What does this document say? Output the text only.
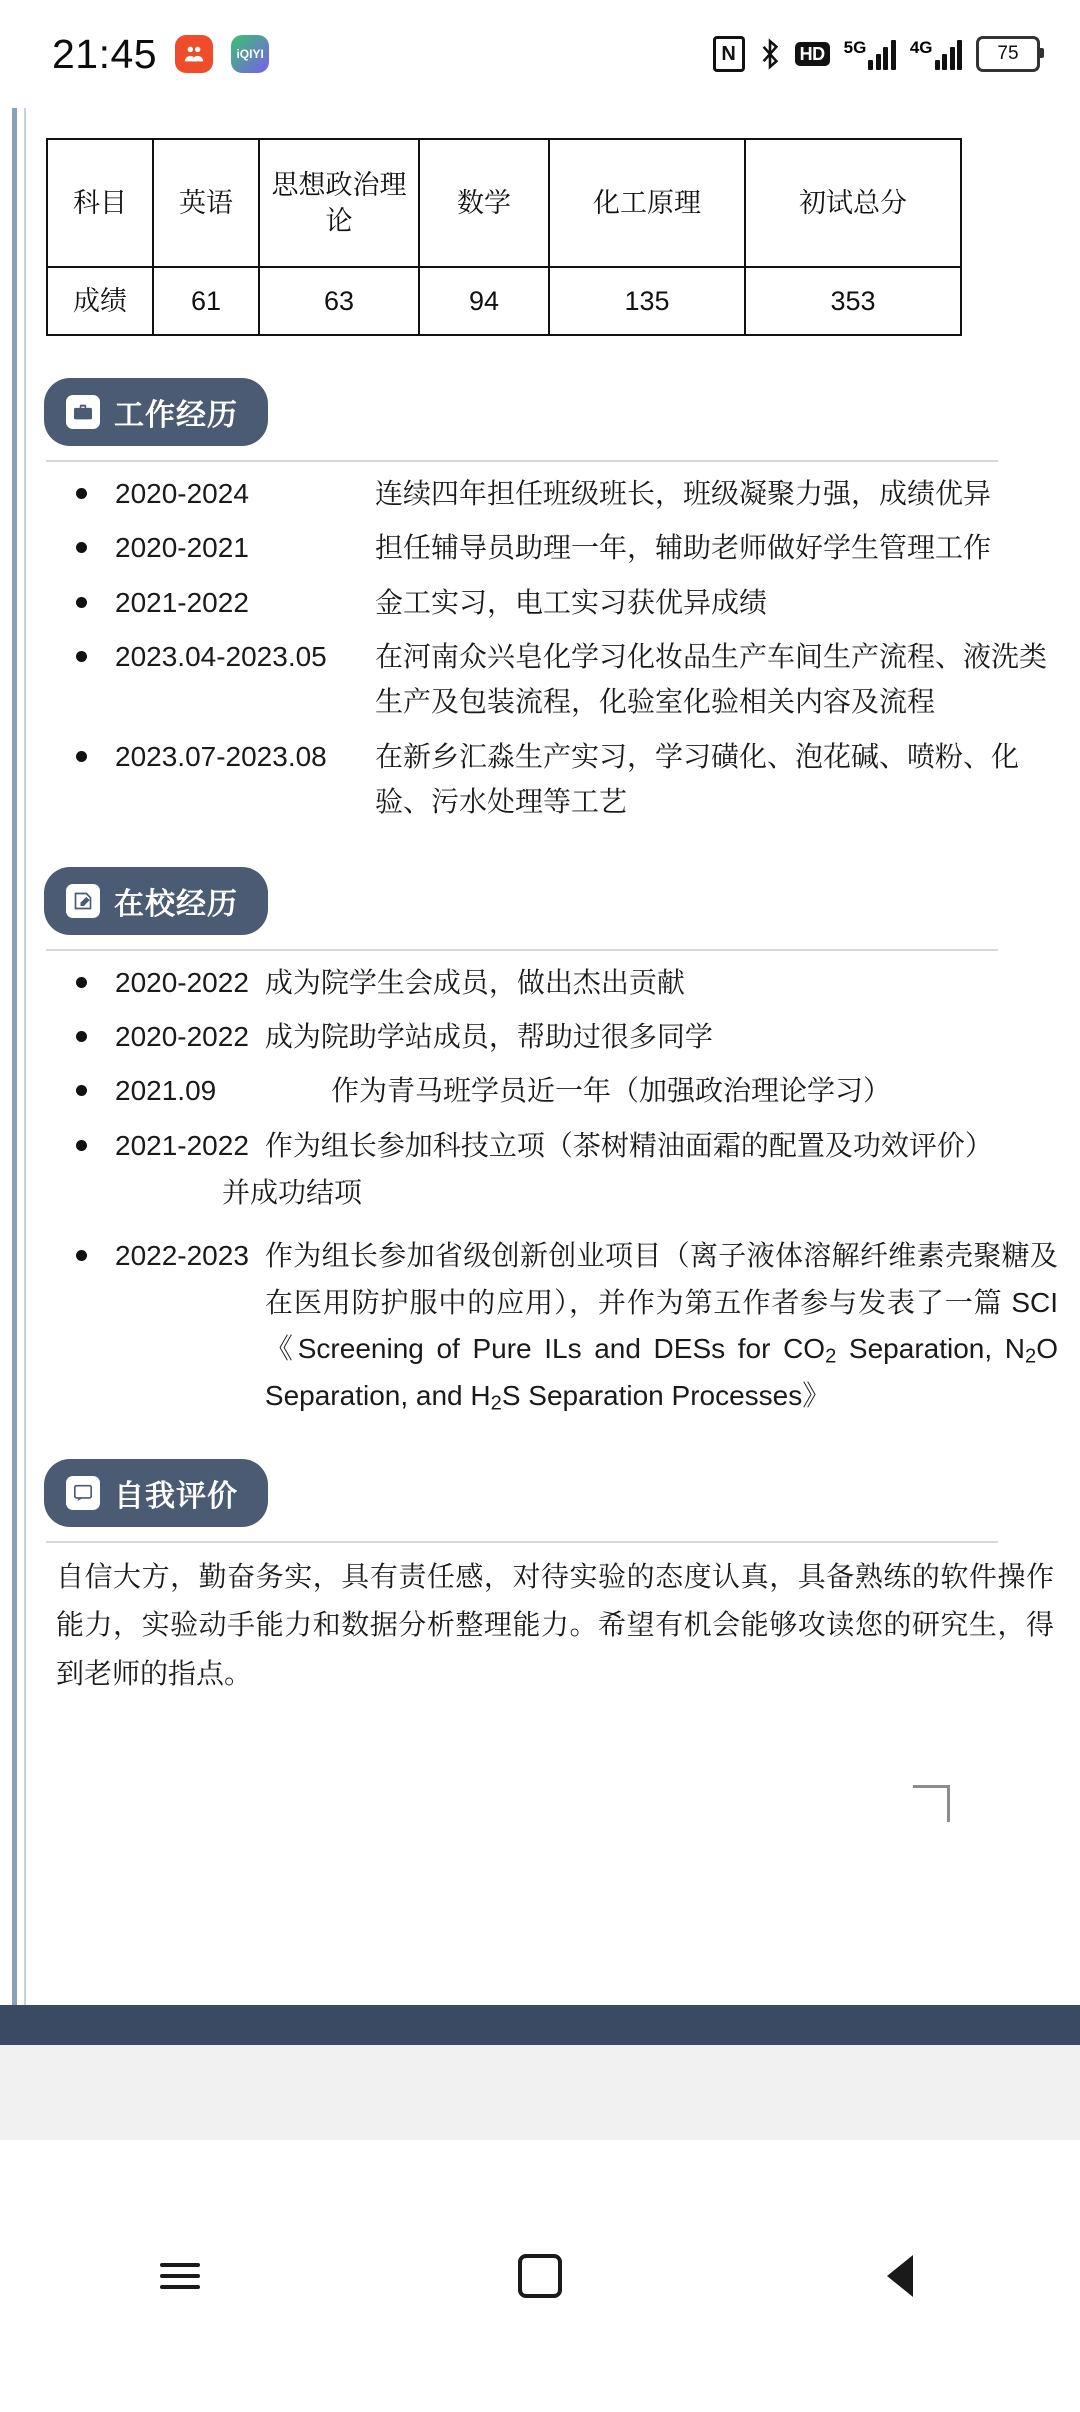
21:45	iQIYI	N	HD 5G	4G	75
科目	英语	思想政治理论	数学	化工原理	初试总分
成绩	61	63	94	135	353
工作经历
2020-2024	连续四年担任班级班长，班级凝聚力强，成绩优异
2020-2021	担任辅导员助理一年，辅助老师做好学生管理工作
2021-2022	金工实习，电工实习获优异成绩
2023.04-2023.05	在河南众兴皂化学习化妆品生产车间生产流程、液洗类生产及包装流程，化验室化验相关内容及流程
2023.07-2023.08	在新乡汇淼生产实习，学习磺化、泡花碱、喷粉、化验、污水处理等工艺
在校经历
2020-2022 成为院学生会成员，做出杰出贡献
2020-2022 成为院助学站成员，帮助过很多同学
2021.09	作为青马班学员近一年（加强政治理论学习）
2021-2022 作为组长参加科技立项（茶树精油面霜的配置及功效评价）
并成功结项
2022-2023 作为组长参加省级创新创业项目（离子液体溶解纤维素壳聚糖及在医用防护服中的应用），并作为第五作者参与发表了一篇 SCI 《Screening of Pure ILs and DESs for $CO_2$ Separation, $N_2O$ Separation, and $H_2S$ Separation Processes》
自我评价
自信大方，勤奋务实，具有责任感，对待实验的态度认真，具备熟练的软件操作能力，实验动手能力和数据分析整理能力。希望有机会能够攻读您的研究生，得到老师的指点。
